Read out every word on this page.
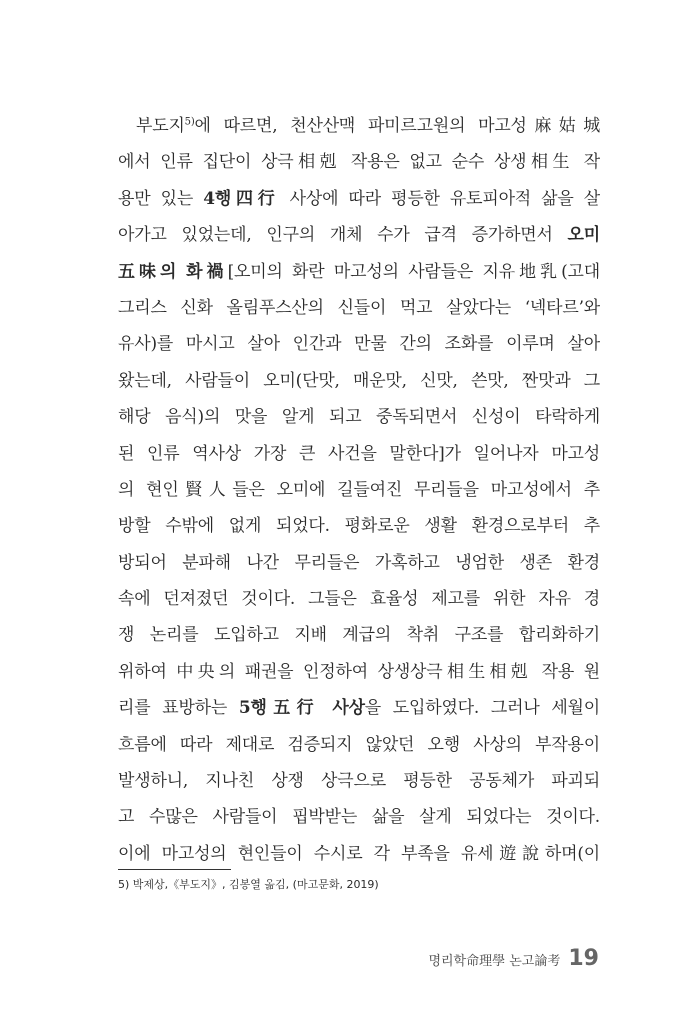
부도지$^{5)}$에 따르면, 천산산맥 파미르고원의 마고성麻姑城
에서 인류 집단이 상극相剋 작용은 없고 순수 상생相生 작
용만 있는 4행四行 사상에 따라 평등한 유토피아적 삶을 살
아가고 있었는데, 인구의 개체 수가 급격 증가하면서 오미
五味의 화禍[오미의 화란 마고성의 사람들은 지유地乳(고대
그리스 신화 올림푸스산의 신들이 먹고 살았다는 ‘넥타르’와
유사)를 마시고 살아 인간과 만물 간의 조화를 이루며 살아
왔는데, 사람들이 오미(단맛, 매운맛, 신맛, 쓴맛, 짠맛과 그
해당 음식)의 맛을 알게 되고 중독되면서 신성이 타락하게
된 인류 역사상 가장 큰 사건을 말한다]가 일어나자 마고성
의 현인賢人들은 오미에 길들여진 무리들을 마고성에서 추
방할 수밖에 없게 되었다. 평화로운 생활 환경으로부터 추
방되어 분파해 나간 무리들은 가혹하고 냉엄한 생존 환경
속에 던져졌던 것이다. 그들은 효율성 제고를 위한 자유 경
쟁 논리를 도입하고 지배 계급의 착취 구조를 합리화하기
위하여 中央의 패권을 인정하여 상생상극相生相剋 작용 원
리를 표방하는 5행五行 사상을 도입하였다. 그러나 세월이
흐름에 따라 제대로 검증되지 않았던 오행 사상의 부작용이
발생하니, 지나친 상쟁 상극으로 평등한 공동체가 파괴되
고 수많은 사람들이 핍박받는 삶을 살게 되었다는 것이다.
이에 마고성의 현인들이 수시로 각 부족을 유세遊說하며(이
5) 박제상,《부도지》, 김봉열 옮김, (마고문화, 2019)
명리학命理學 논고論考 19
